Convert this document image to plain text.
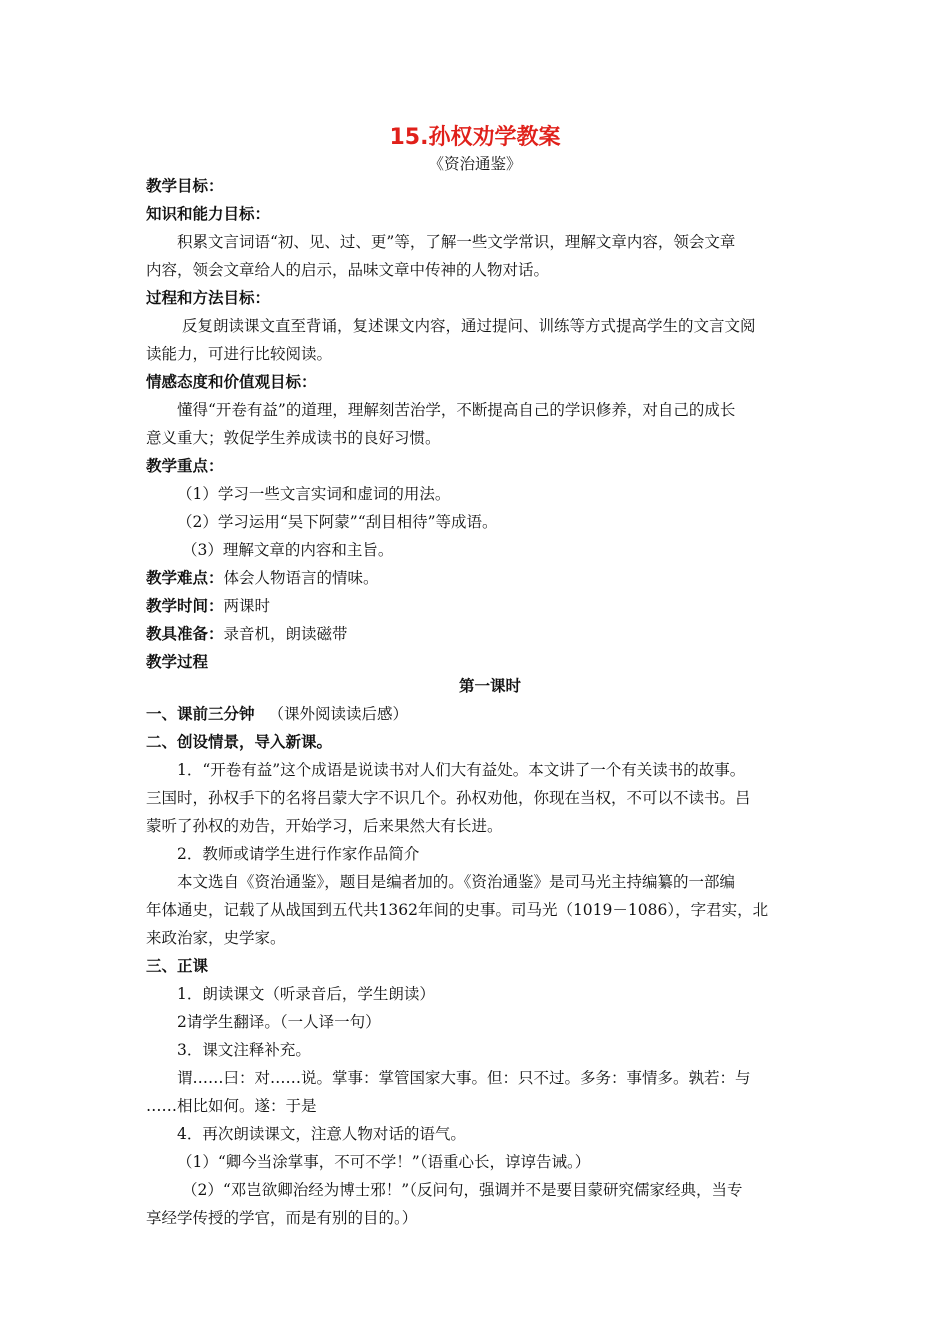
15.孙权劝学教案
《资治通鉴》
教学目标：
知识和能力目标：
积累文言词语“初、见、过、更”等，了解一些文学常识，理解文章内容，领会文章
内容，领会文章给人的启示，品味文章中传神的人物对话。
过程和方法目标：
反复朗读课文直至背诵，复述课文内容，通过提问、训练等方式提高学生的文言文阅
读能力，可进行比较阅读。
情感态度和价值观目标：
懂得“开卷有益”的道理，理解刻苦治学，不断提高自己的学识修养，对自己的成长
意义重大；敦促学生养成读书的良好习惯。
教学重点：
（1）学习一些文言实词和虚词的用法。
（2）学习运用“吴下阿蒙”“刮目相待”等成语。
（3）理解文章的内容和主旨。
教学难点：体会人物语言的情味。
教学时间：两课时
教具准备：录音机，朗读磁带
教学过程
第一课时
一、课前三分钟 （课外阅读读后感）
二、创设情景，导入新课。
1．“开卷有益”这个成语是说读书对人们大有益处。本文讲了一个有关读书的故事。
三国时，孙权手下的名将吕蒙大字不识几个。孙权劝他，你现在当权，不可以不读书。吕
蒙听了孙权的劝告，开始学习，后来果然大有长进。
2．教师或请学生进行作家作品简介
本文选自《资治通鉴》，题目是编者加的。《资治通鉴》是司马光主持编纂的一部编
年体通史，记载了从战国到五代共1362年间的史事。司马光（1019－1086），字君实，北
来政治家，史学家。
三、正课
1．朗读课文（听录音后，学生朗读）
2请学生翻译。（一人译一句）
3．课文注释补充。
谓……曰：对……说。掌事：掌管国家大事。但：只不过。多务：事情多。孰若：与
……相比如何。遂：于是
4．再次朗读课文，注意人物对话的语气。
（1）“卿今当涂掌事，不可不学！”（语重心长，谆谆告诫。）
（2）“邓岂欲卿治经为博士邪！”（反问句，强调并不是要目蒙研究儒家经典，当专
享经学传授的学官，而是有别的目的。）
